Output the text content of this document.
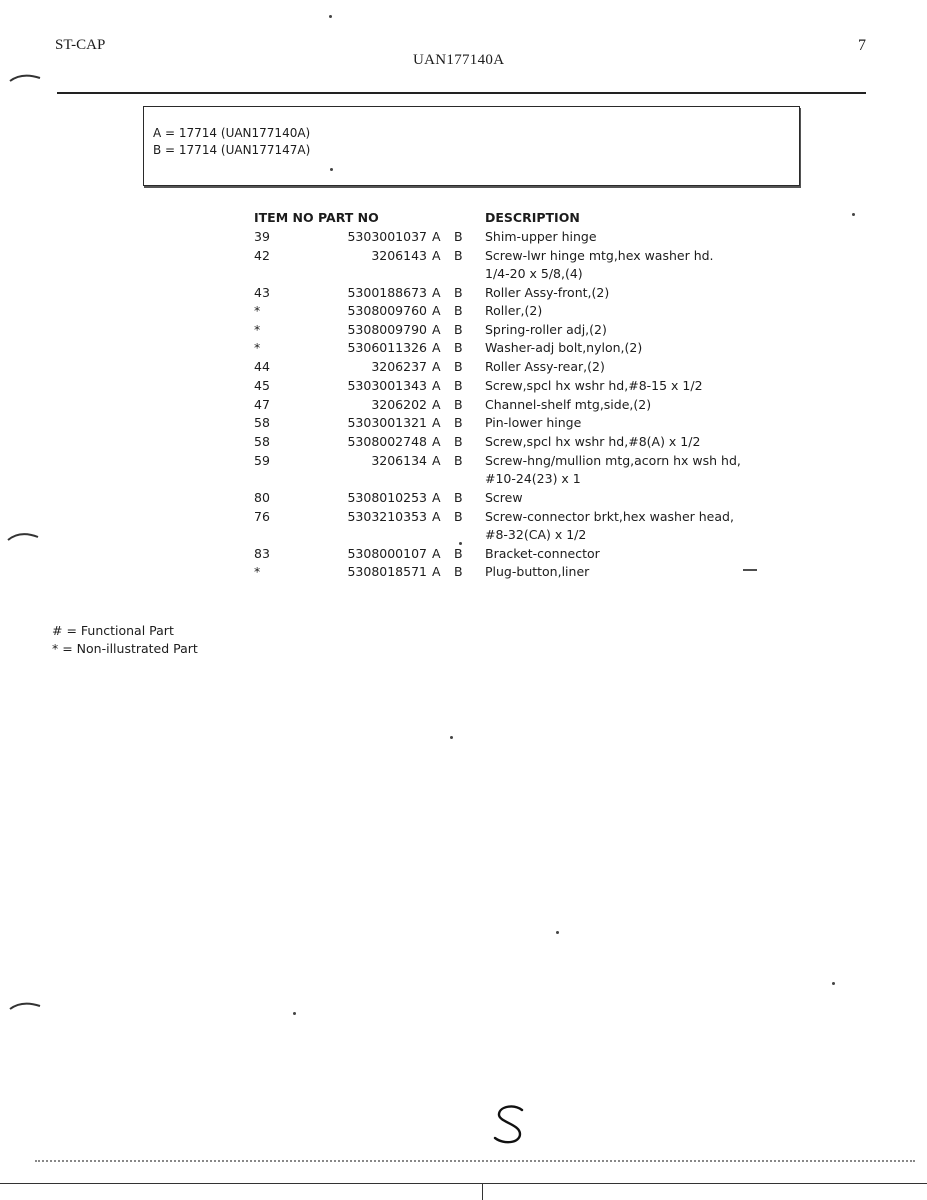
ST-CAP
UAN177140A
7
A = 17714 (UAN177140A)
B = 17714 (UAN177147A)
ITEM NO PART NO	DESCRIPTION
39	5303001037 A B Shim-upper hinge
42	3206143 A B Screw-lwr hinge mtg,hex washer hd.
1/4-20 x 5/8,(4)
43	5300188673 A B Roller Assy-front,(2)
*	5308009760 A B Roller,(2)
*	5308009790 A B Spring-roller adj,(2)
*	5306011326 A B Washer-adj bolt,nylon,(2)
44	3206237 A B Roller Assy-rear,(2)
45	5303001343 A B Screw,spcl hx wshr hd,#8-15 x 1/2
47	3206202 A B Channel-shelf mtg,side,(2)
58	5303001321 A B Pin-lower hinge
58	5308002748 A B Screw,spcl hx wshr hd,#8(A) x 1/2
59	3206134 A B Screw-hng/mullion mtg,acorn hx wsh hd,
#10-24(23) x 1
80	5308010253 A B Screw
76	5303210353 A B Screw-connector brkt,hex washer head,
#8-32(CA) x 1/2
83	5308000107 A B Bracket-connector
*	5308018571 A B Plug-button,liner
# = Functional Part
* = Non-illustrated Part
